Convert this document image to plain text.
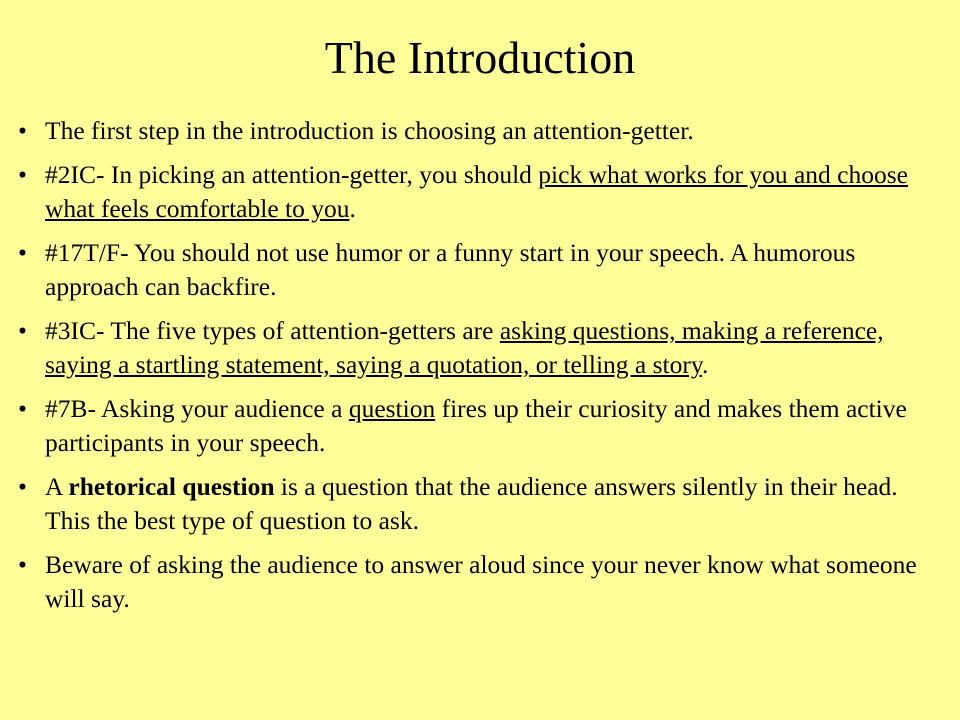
The Introduction
• The first step in the introduction is choosing an attention-getter.
• #2IC- In picking an attention-getter, you should pick what works for you and choose what feels comfortable to you.
• #17T/F- You should not use humor or a funny start in your speech. A humorous approach can backfire.
• #3IC- The five types of attention-getters are asking questions, making a reference, saying a startling statement, saying a quotation, or telling a story.
• #7B- Asking your audience a question fires up their curiosity and makes them active participants in your speech.
• A rhetorical question is a question that the audience answers silently in their head. This the best type of question to ask.
• Beware of asking the audience to answer aloud since your never know what someone will say.
